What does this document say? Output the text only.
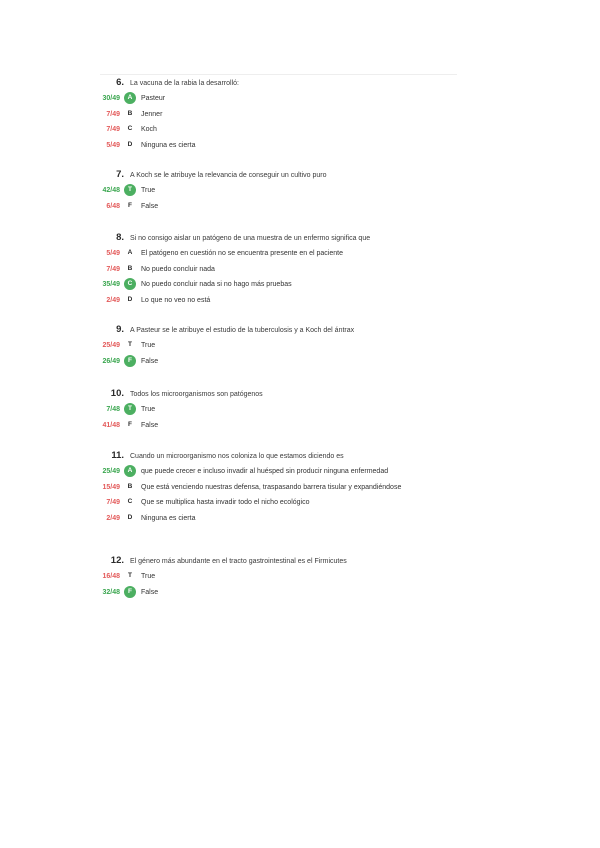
6. La vacuna de la rabia la desarrolló:
30/49	A	Pasteur
7/49	B	Jenner
7/49	C	Koch
5/49	D	Ninguna es cierta
7. A Koch se le atribuye la relevancia de conseguir un cultivo puro
42/48	T	True
6/48	F	False
8. Si no consigo aislar un patógeno de una muestra de un enfermo significa que
5/49	A	El patógeno en cuestión no se encuentra presente en el paciente
7/49	B	No puedo concluir nada
35/49	C	No puedo concluir nada si no hago más pruebas
2/49	D	Lo que no veo no está
9. A Pasteur se le atribuye el estudio de la tuberculosis y a Koch del ántrax
25/49	T	True
26/49	F	False
10. Todos los microorganismos son patógenos
7/48	T	True
41/48	F	False
11. Cuando un microorganismo nos coloniza lo que estamos diciendo es
25/49	A	que puede crecer e incluso invadir al huésped sin producir ninguna enfermedad
15/49	B	Que está venciendo nuestras defensa, traspasando barrera tisular y expandiéndose
7/49	C	Que se multiplica hasta invadir todo el nicho ecológico
2/49	D	Ninguna es cierta
12. El género más abundante en el tracto gastrointestinal es el Firmicutes
16/48	T	True
32/48	F	False
